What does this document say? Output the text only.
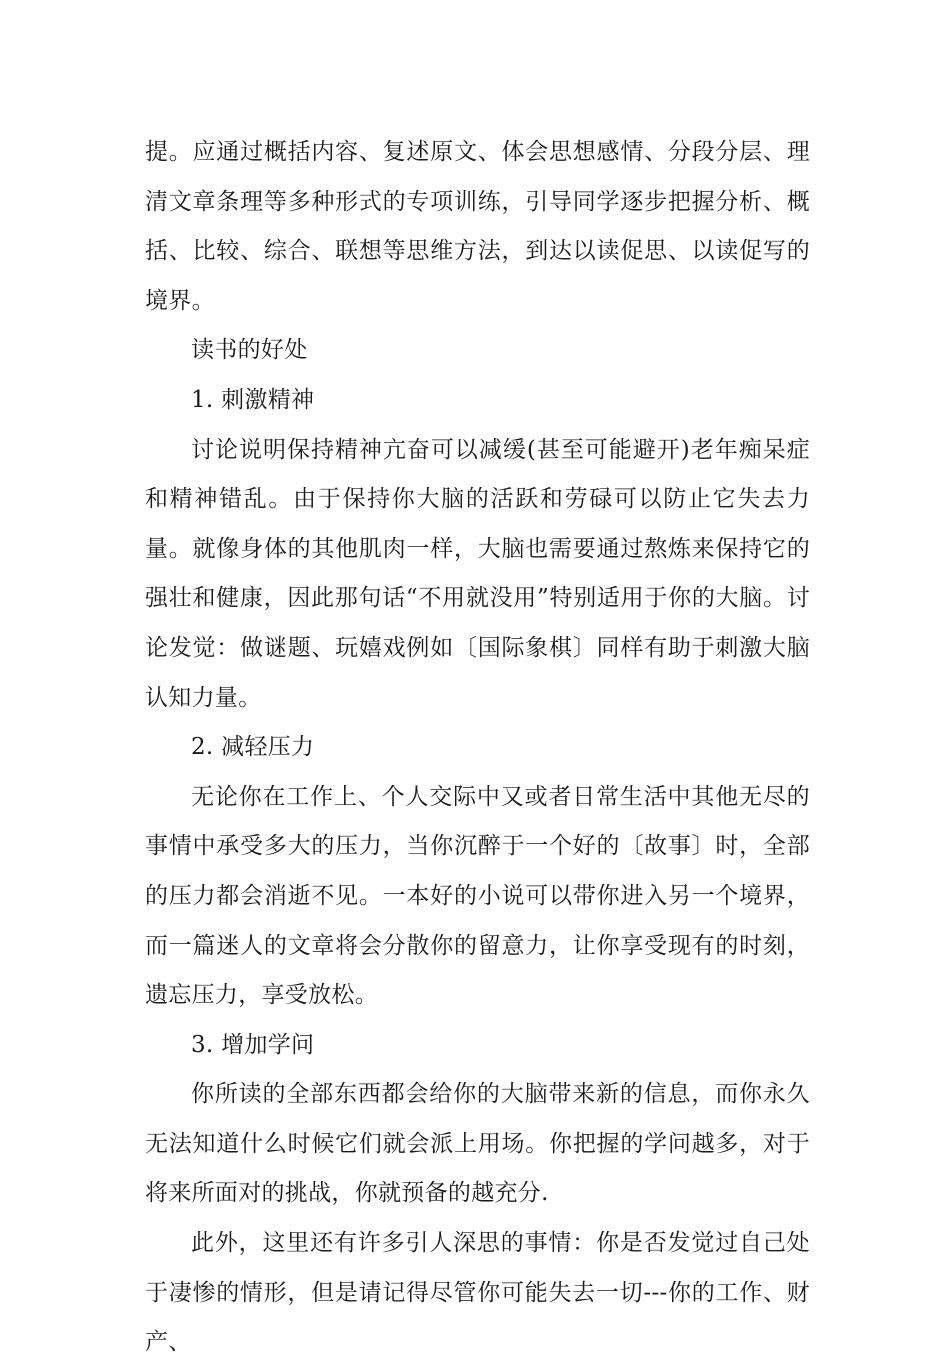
提。应通过概括内容、复述原文、体会思想感情、分段分层、理清文章条理等多种形式的专项训练，引导同学逐步把握分析、概括、比较、综合、联想等思维方法，到达以读促思、以读促写的境界。

读书的好处

1. 刺激精神

讨论说明保持精神亢奋可以减缓(甚至可能避开)老年痴呆症和精神错乱。由于保持你大脑的活跃和劳碌可以防止它失去力量。就像身体的其他肌肉一样，大脑也需要通过熬炼来保持它的强壮和健康，因此那句话“不用就没用”特别适用于你的大脑。讨论发觉：做谜题、玩嬉戏例如〔国际象棋〕同样有助于刺激大脑认知力量。

2. 减轻压力

无论你在工作上、个人交际中又或者日常生活中其他无尽的事情中承受多大的压力，当你沉醉于一个好的〔故事〕时，全部的压力都会消逝不见。一本好的小说可以带你进入另一个境界，而一篇迷人的文章将会分散你的留意力，让你享受现有的时刻，遗忘压力，享受放松。

3. 增加学问

你所读的全部东西都会给你的大脑带来新的信息，而你永久无法知道什么时候它们就会派上用场。你把握的学问越多，对于将来所面对的挑战，你就预备的越充分.

此外，这里还有许多引人深思的事情：你是否发觉过自己处于凄惨的情形，但是请记得尽管你可能失去一切---你的工作、财产、
